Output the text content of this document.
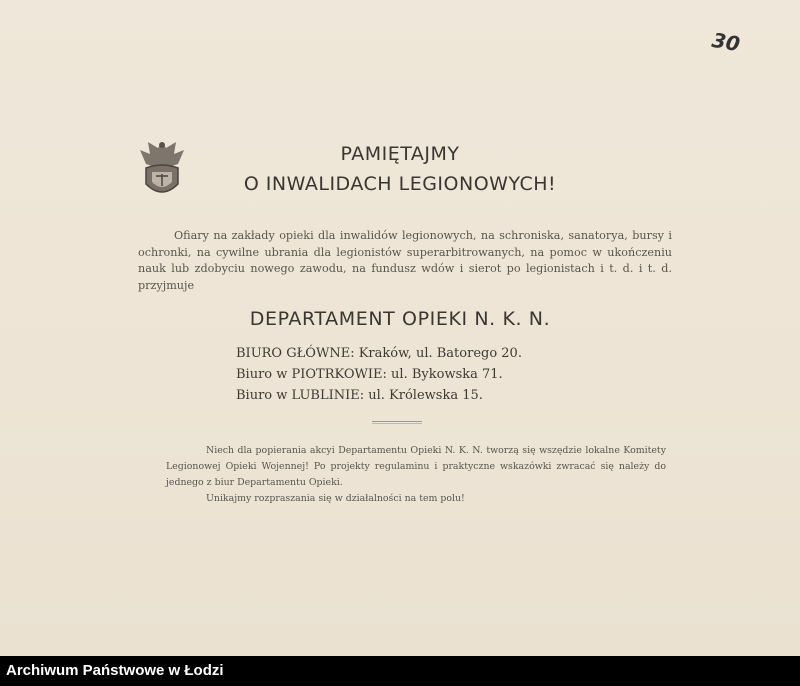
30
PAMIĘTAJMY
O INWALIDACH LEGIONOWYCH!

Ofiary na zakłady opieki dla inwalidów legionowych, na schroniska, sanatorya, bursy i ochronki, na cywilne ubrania dla legionistów superarbitrowanych, na pomoc w ukończeniu nauk lub zdobyciu nowego zawodu, na fundusz wdów i sierot po legionistach i t. d. i t. d. przyjmuje

DEPARTAMENT OPIEKI N. K. N.
BIURO GŁÓWNE: Kraków, ul. Batorego 20.
Biuro w PIOTRKOWIE: ul. Bykowska 71.
Biuro w LUBLINIE: ul. Królewska 15.

Niech dla popierania akcyi Departamentu Opieki N. K. N. tworzą się wszędzie lokalne Komitety Legionowej Opieki Wojennej! Po projekty regulaminu i praktyczne wskazówki zwracać się należy do jednego z biur Departamentu Opieki.

Unikajmy rozpraszania się w działalności na tem polu!

Archiwum Państwowe w Łodzi
